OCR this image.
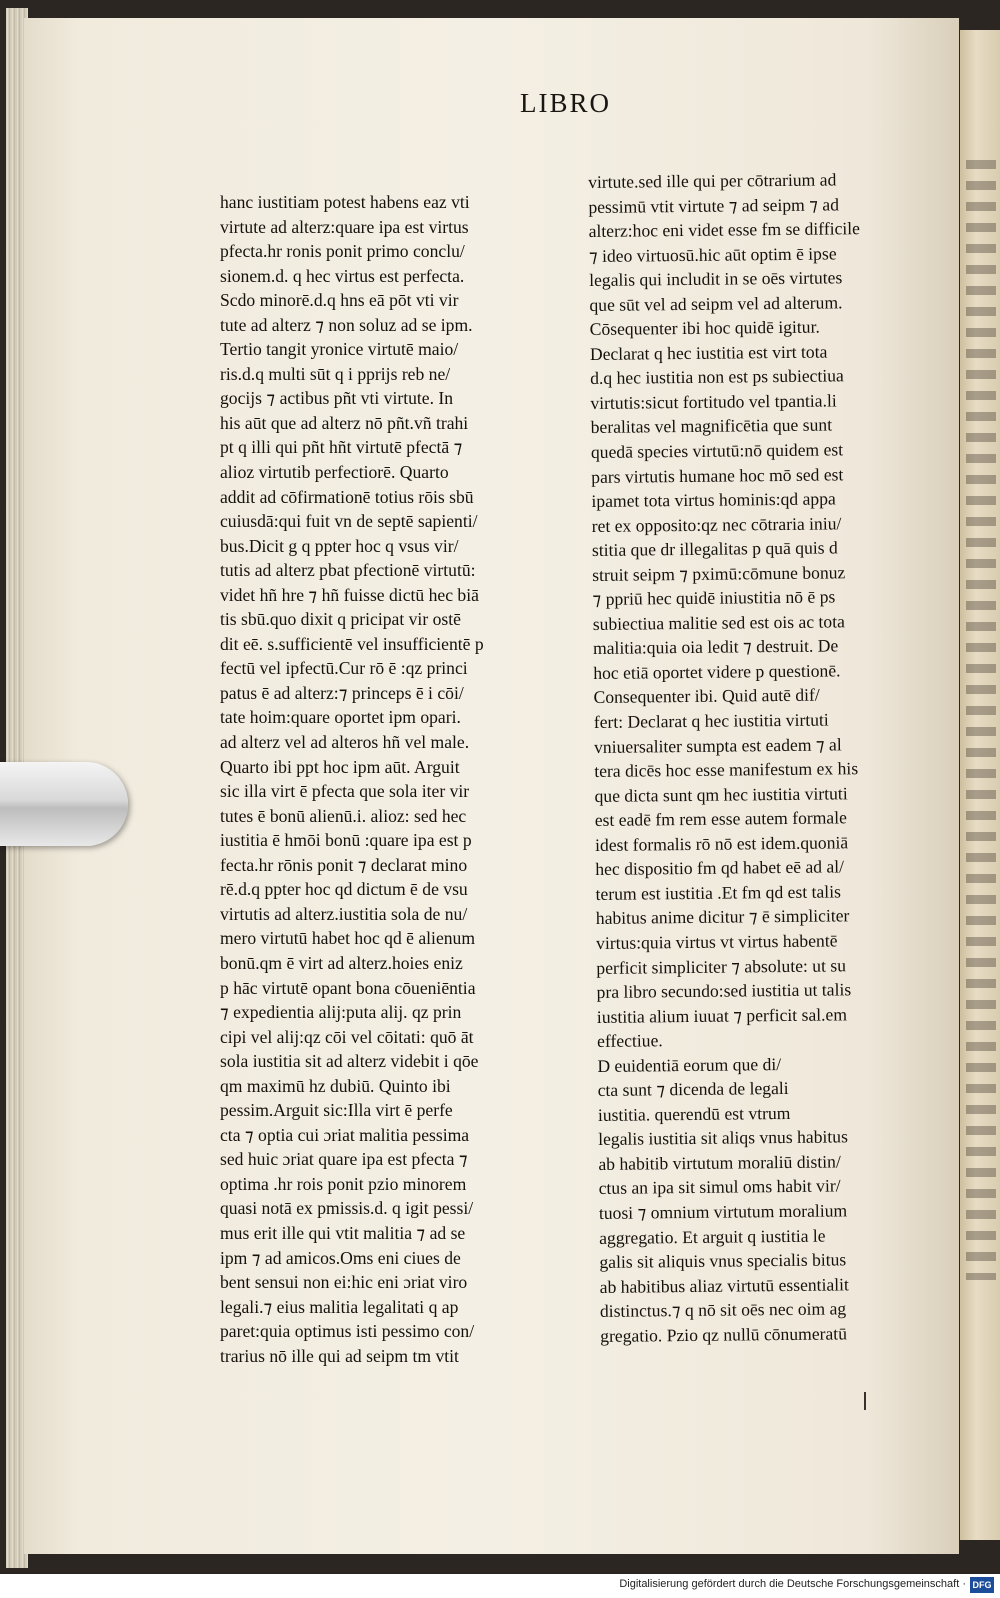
LIBRO
hanc iustitiam potest habens eaz vti
virtute ad alterz:quare ipa est virtus
pfecta.hr ronis ponit primo conclu/
sionem.d. q hec virtus est perfecta.
Scdo minorē.d.q hns eā pōt vti vir
tute ad alterz ⁊ non soluz ad se ipm.
Tertio tangit yronice virtutē maio/
ris.d.q multi sūt q i pprijs reb ne/
gocijs ⁊ actibus pñt vti virtute. In
his aūt que ad alterz nō pñt.vñ trahi
pt q illi qui pñt hñt virtutē pfectā ⁊
alioz virtutib perfectiorē. Quarto
addit ad cōfirmationē totius rōis sbū
cuiusdā:qui fuit vn de septē sapienti/
bus.Dicit g q ppter hoc q vsus vir/
tutis ad alterz pbat pfectionē virtutū:
videt hñ hre ⁊ hñ fuisse dictū hec biā
tis sbū.quo dixit q pricipat vir ostē
dit eē. s.sufficientē vel insufficientē p
fectū vel ipfectū.Cur rō ē :qz princi
patus ē ad alterz:⁊ princeps ē i cōi/
tate hoim:quare oportet ipm opari.
ad alterz vel ad alteros hñ vel male.
Quarto ibi ppt hoc ipm aūt. Arguit
sic illa virt ē pfecta que sola iter vir
tutes ē bonū alienū.i. alioz: sed hec
iustitia ē hmōi bonū :quare ipa est p
fecta.hr rōnis ponit ⁊ declarat mino
rē.d.q ppter hoc qd dictum ē de vsu
virtutis ad alterz.iustitia sola de nu/
mero virtutū habet hoc qd ē alienum
bonū.qm ē virt ad alterz.hoies eniz
p hāc virtutē opant bona cōueniēntia
⁊ expedientia alij:puta alij. qz prin
cipi vel alij:qz cōi vel cōitati: quō āt
sola iustitia sit ad alterz videbit i qōe
qm maximū hz dubiū. Quinto ibi
pessim.Arguit sic:Illa virt ē perfe
cta ⁊ optia cui ɔriat malitia pessima
sed huic ɔriat quare ipa est pfecta ⁊
optima .hr rois ponit pzio minorem
quasi notā ex pmissis.d. q igit pessi/
mus erit ille qui vtit malitia ⁊ ad se
ipm ⁊ ad amicos.Oms eni ciues de
bent sensui non ei:hic eni ɔriat viro
legali.⁊ eius malitia legalitati q ap
paret:quia optimus isti pessimo con/
trarius nō ille qui ad seipm tm vtit
virtute.sed ille qui per cōtrarium ad
pessimū vtit virtute ⁊ ad seipm ⁊ ad
alterz:hoc eni videt esse fm se difficile
⁊ ideo virtuosū.hic aūt optim ē ipse
legalis qui includit in se oēs virtutes
que sūt vel ad seipm vel ad alterum.
Cōsequenter ibi hoc quidē igitur.
Declarat q hec iustitia est virt tota
d.q hec iustitia non est ps subiectiua
virtutis:sicut fortitudo vel tpantia.li
beralitas vel magnificētia que sunt
quedā species virtutū:nō quidem est
pars virtutis humane hoc mō sed est
ipamet tota virtus hominis:qd appa
ret ex opposito:qz nec cōtraria iniu/
stitia que dr illegalitas p quā quis d
struit seipm ⁊ pximū:cōmune bonuz
⁊ ppriū hec quidē iniustitia nō ē ps
subiectiua malitie sed est ois ac tota
malitia:quia oia ledit ⁊ destruit. De
hoc etiā oportet videre p questionē.
Consequenter ibi. Quid autē dif/
fert: Declarat q hec iustitia virtuti
vniuersaliter sumpta est eadem ⁊ al
tera dicēs hoc esse manifestum ex his
que dicta sunt qm hec iustitia virtuti
est eadē fm rem esse autem formale
idest formalis rō nō est idem.quoniā
hec dispositio fm qd habet eē ad al/
terum est iustitia .Et fm qd est talis
habitus anime dicitur ⁊ ē simpliciter
virtus:quia virtus vt virtus habentē
perficit simpliciter ⁊ absolute: ut su
pra libro secundo:sed iustitia ut talis
iustitia alium iuuat ⁊ perficit sal.em
effectiue.
D euidentiā eorum que di/
cta sunt ⁊ dicenda de legali
iustitia. querendū est vtrum
legalis iustitia sit aliqs vnus habitus
ab habitib virtutum moraliū distin/
ctus an ipa sit simul oms habit vir/
tuosi ⁊ omnium virtutum moralium
aggregatio. Et arguit q iustitia le
galis sit aliquis vnus specialis bitus
ab habitibus aliaz virtutū essentialit
distinctus.⁊ q nō sit oēs nec oim ag
gregatio. Pzio qz nullū cōnumeratū
Digitalisierung gefördert durch die Deutsche Forschungsgemeinschaft · DFG
